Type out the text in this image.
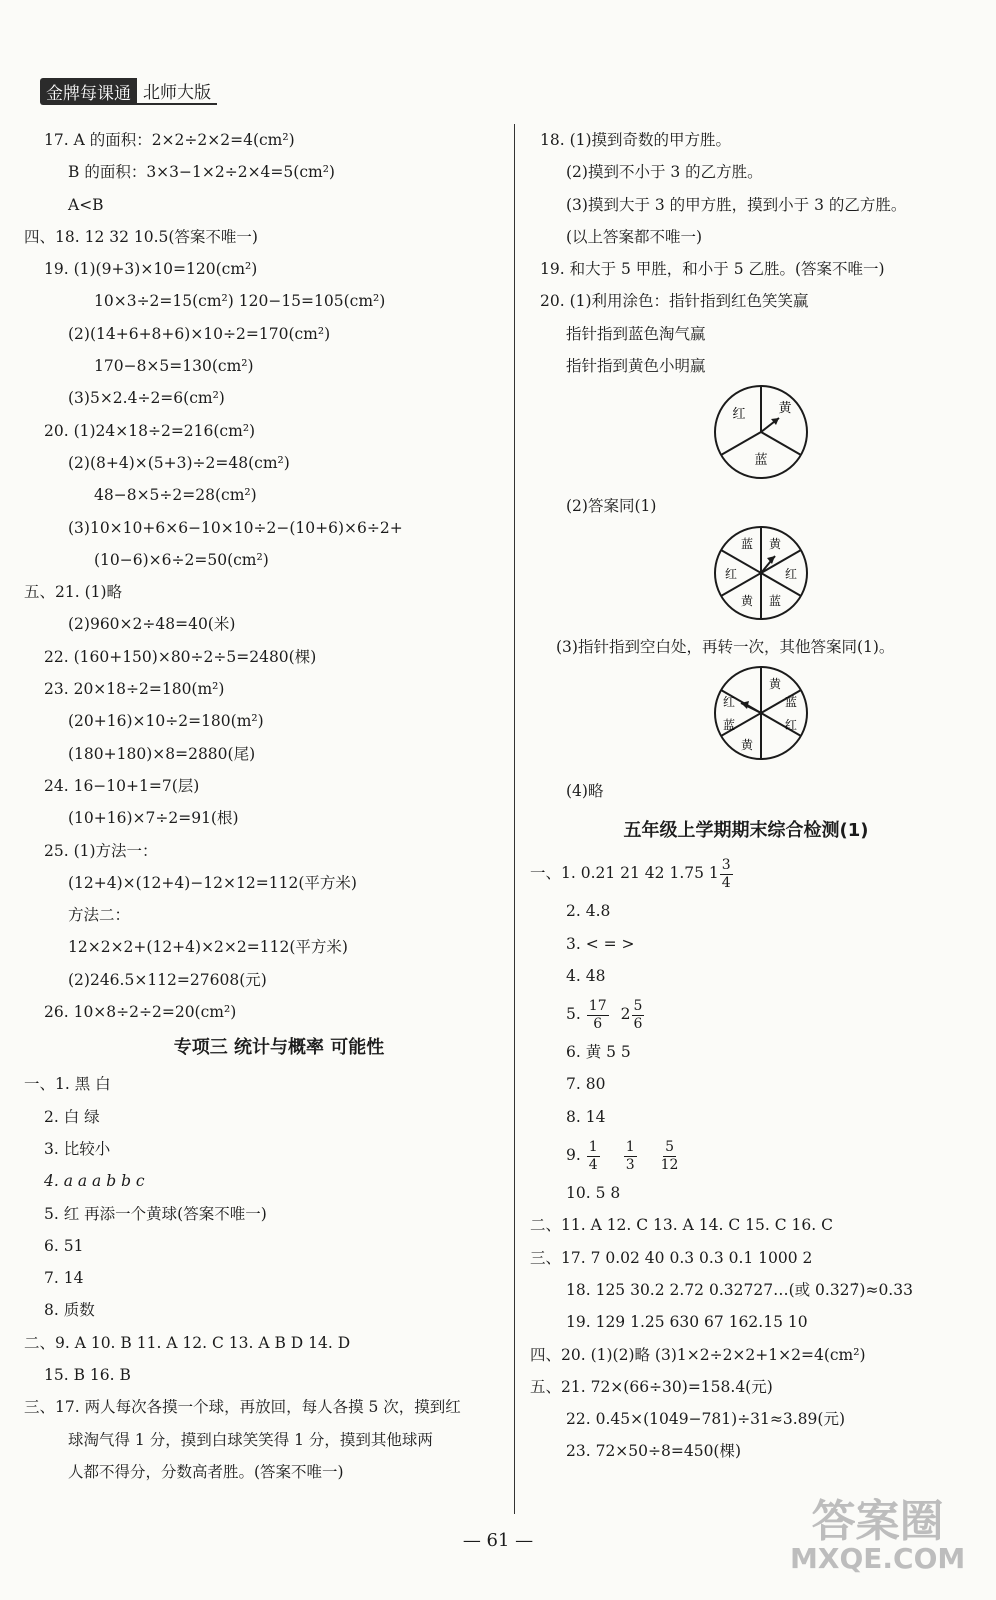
金牌每课通 北师大版
17. A 的面积：2×2÷2×2=4(cm²)
B 的面积：3×3−1×2÷2×4=5(cm²)
A<B
四、18. 12 32 10.5(答案不唯一)
19. (1)(9+3)×10=120(cm²)
10×3÷2=15(cm²) 120−15=105(cm²)
(2)(14+6+8+6)×10÷2=170(cm²)
170−8×5=130(cm²)
(3)5×2.4÷2=6(cm²)
20. (1)24×18÷2=216(cm²)
(2)(8+4)×(5+3)÷2=48(cm²)
48−8×5÷2=28(cm²)
(3)10×10+6×6−10×10÷2−(10+6)×6÷2+
(10−6)×6÷2=50(cm²)
五、21. (1)略
(2)960×2÷48=40(米)
22. (160+150)×80÷2÷5=2480(棵)
23. 20×18÷2=180(m²)
(20+16)×10÷2=180(m²)
(180+180)×8=2880(尾)
24. 16−10+1=7(层)
(10+16)×7÷2=91(根)
25. (1)方法一：
(12+4)×(12+4)−12×12=112(平方米)
方法二：
12×2×2+(12+4)×2×2=112(平方米)
(2)246.5×112=27608(元)
26. 10×8÷2÷2=20(cm²)
专项三 统计与概率 可能性
一、1. 黑 白
2. 白 绿
3. 比较小
4. a a a b b c
5. 红 再添一个黄球(答案不唯一)
6. 51
7. 14
8. 质数
二、9. A 10. B 11. A 12. C 13. A B D 14. D
15. B 16. B
三、17. 两人每次各摸一个球，再放回，每人各摸 5 次，摸到红
球淘气得 1 分，摸到白球笑笑得 1 分，摸到其他球两
人都不得分，分数高者胜。(答案不唯一)
18. (1)摸到奇数的甲方胜。
(2)摸到不小于 3 的乙方胜。
(3)摸到大于 3 的甲方胜，摸到小于 3 的乙方胜。
(以上答案都不唯一)
19. 和大于 5 甲胜，和小于 5 乙胜。(答案不唯一)
20. (1)利用涂色：指针指到红色笑笑赢
指针指到蓝色淘气赢
指针指到黄色小明赢
红	黄
蓝
(2)答案同(1)
黄
红
蓝
黄
红
蓝
(3)指针指到空白处，再转一次，其他答案同(1)。
黄
蓝
红
黄
蓝
红
(4)略
五年级上学期期末综合检测(1)
一、1. 0.21 21 42 1.75 $1 \frac{3}{4}$
2. 4.8
3. < = >
4. 48
5. $\frac{17}{6} 2 \frac{5}{6}$
6. 黄 5 5
7. 80
8. 14
9. $\frac{1}{4} \frac{1}{3} \frac{5}{12}$
10. 5 8
二、11. A 12. C 13. A 14. C 15. C 16. C
三、17. 7 0.02 40 0.3 0.3 0.1 1000 2
18. 125 30.2 2.72 0.32727…(或 0.327̇)≈0.33
19. 129 1.25 630 67 162.15 10
四、20. (1)(2)略 (3)1×2÷2×2+1×2=4(cm²)
五、21. 72×(66÷30)=158.4(元)
22. 0.45×(1049−781)÷31≈3.89(元)
23. 72×50÷8=450(棵)
— 61 —	答案圈
MXQE.COM
